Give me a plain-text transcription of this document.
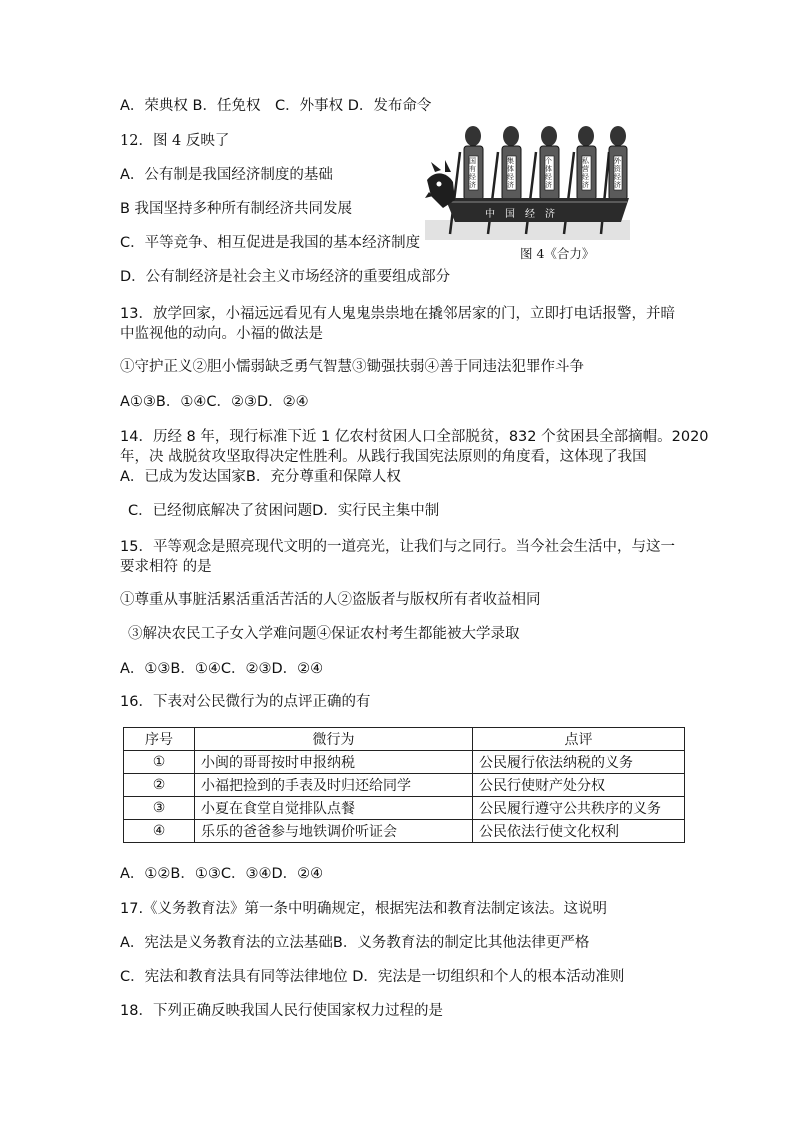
A．荣典权 B．任免权　C．外事权 D．发布命令
12．图 4 反映了
A．公有制是我国经济制度的基础
B 我国坚持多种所有制经济共同发展
C．平等竞争、相互促进是我国的基本经济制度
D．公有制经济是社会主义市场经济的重要组成部分
国有经济
集体经济
个体经济
私营经济
外资经济
中　国　经　济
图 4《合力》
13．放学回家，小福远远看见有人鬼鬼祟祟地在撬邻居家的门，立即打电话报警，并暗
中监视他的动向。小福的做法是
①守护正义②胆小懦弱缺乏勇气智慧③锄强扶弱④善于同违法犯罪作斗争
A①③B．①④C．②③D．②④
14．历经 8 年，现行标准下近 1 亿农村贫困人口全部脱贫，832 个贫困县全部摘帽。2020
年，决 战脱贫攻坚取得决定性胜利。从践行我国宪法原则的角度看，这体现了我国
A．已成为发达国家B．充分尊重和保障人权
C．已经彻底解决了贫困问题D．实行民主集中制
15．平等观念是照亮现代文明的一道亮光，让我们与之同行。当今社会生活中，与这一
要求相符 的是
①尊重从事脏活累活重活苦活的人②盗版者与版权所有者收益相同
③解决农民工子女入学难问题④保证农村考生都能被大学录取
A．①③B．①④C．②③D．②④
16．下表对公民微行为的点评正确的有
序号	微行为	点评
①	小闽的哥哥按时申报纳税	公民履行依法纳税的义务
②	小福把捡到的手表及时归还给同学	公民行使财产处分权
③	小夏在食堂自觉排队点餐	公民履行遵守公共秩序的义务
④	乐乐的爸爸参与地铁调价听证会	公民依法行使文化权利
A．①②B．①③C．③④D．②④
17.《义务教育法》第一条中明确规定，根据宪法和教育法制定该法。这说明
A．宪法是义务教育法的立法基础B．义务教育法的制定比其他法律更严格
C．宪法和教育法具有同等法律地位 D．宪法是一切组织和个人的根本活动准则
18．下列正确反映我国人民行使国家权力过程的是
